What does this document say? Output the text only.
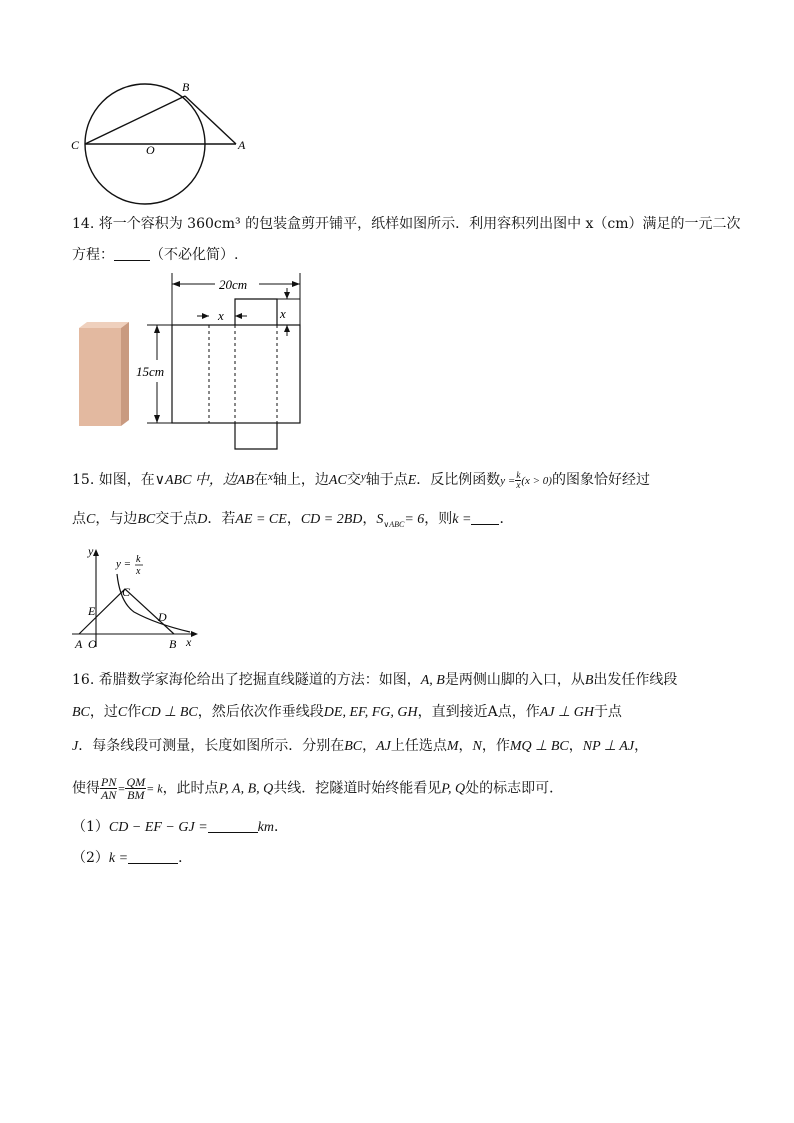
B
C	O	A
14. 将一个容积为 360cm³ 的包装盒剪开铺平，纸样如图所示．利用容积列出图中 x（cm）满足的一元二次
方程：	（不必化简）.
20cm
x	x
15cm
15. 如图，在∨ABC 中，边AB在$^x$轴上，边AC交$^y$轴于点E．反比例函数$y = \frac{k}{x} (x > 0)$的图象恰好经过
点C，与边BC交于点D．若AE = CE，CD = 2BD，$S_{\vee ABC}= 6$，则k = ．
y
x
y = k
x
C
E	D
A O	B
16. 希腊数学家海伦给出了挖掘直线隧道的方法：如图，A, B是两侧山脚的入口，从B出发任作线段
BC，过C作CD ⊥ BC，然后依次作垂线段DE, EF, FG, GH，直到接近A点，作AJ ⊥ GH于点
J．每条线段可测量，长度如图所示．分别在BC，AJ上任选点M，N，作MQ ⊥ BC，NP ⊥ AJ，
使得 $\frac{PN}{AN} = \frac{QM}{BM} = k$，此时点P, A, B, Q共线．挖隧道时始终能看见P, Q处的标志即可．
（1）CD − EF − GJ =	km．
（2）k =	．
